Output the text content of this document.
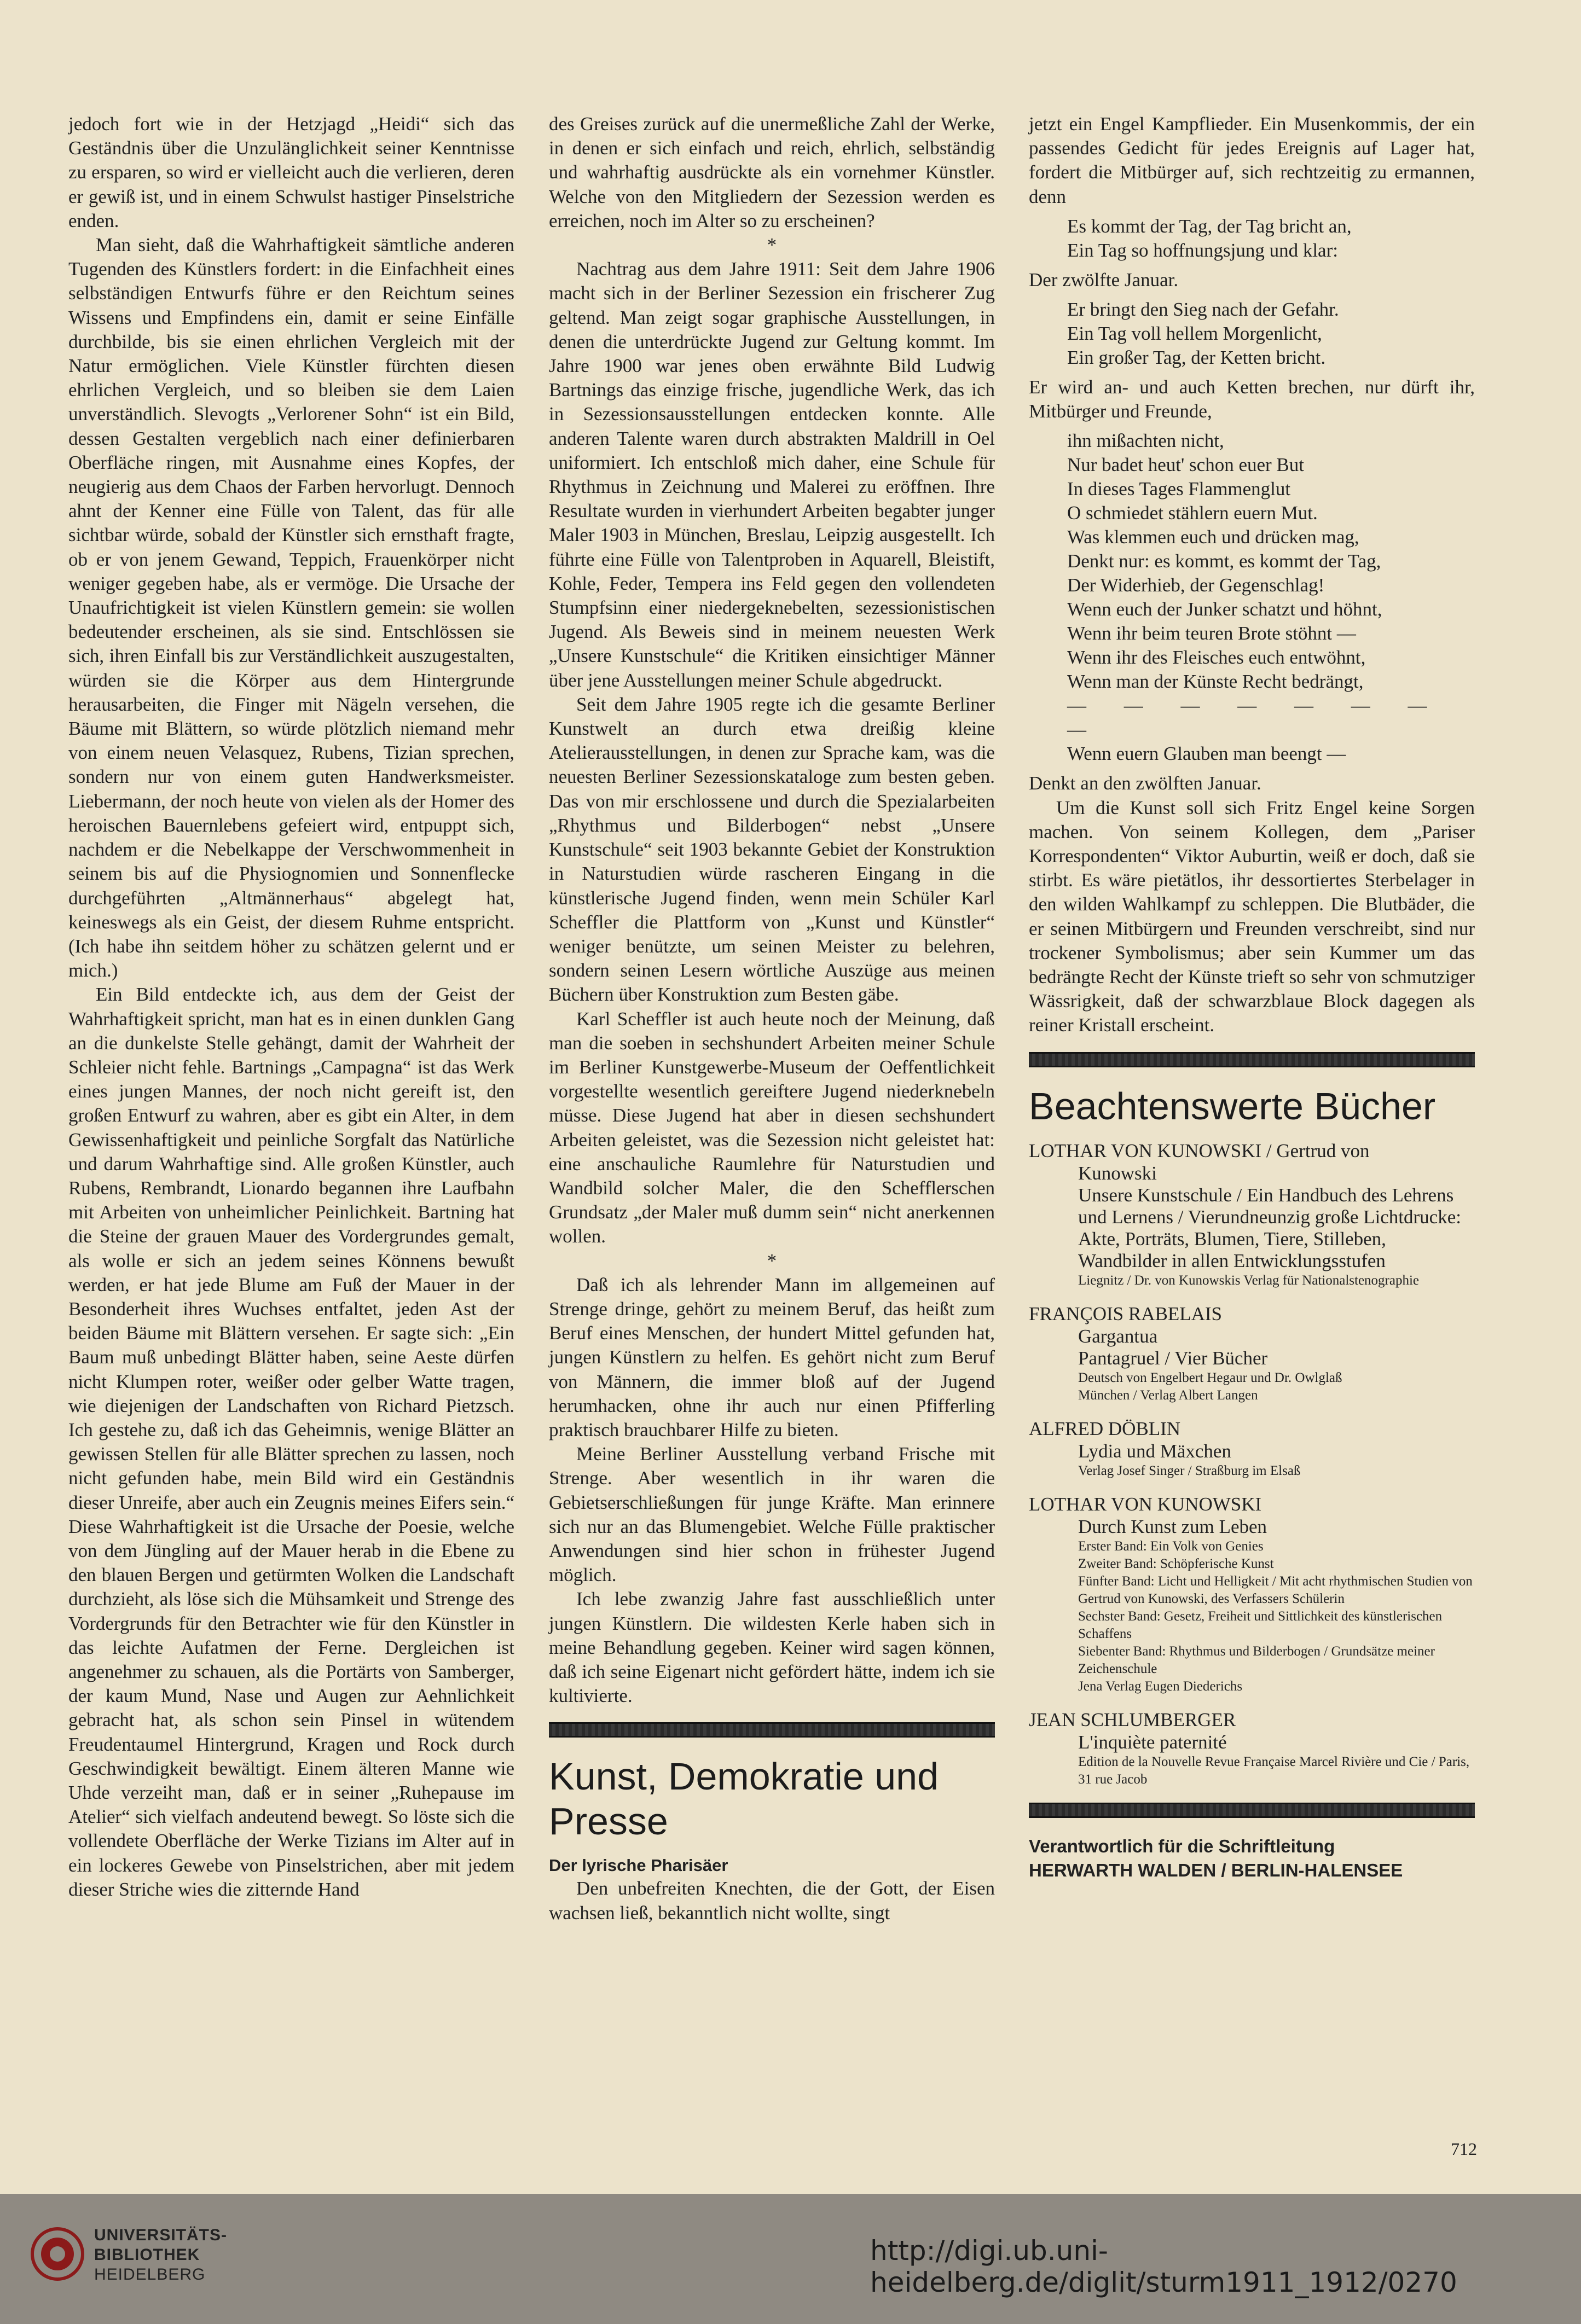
jedoch fort wie in der Hetzjagd „Heidi“ sich das Geständnis über die Unzulänglichkeit seiner Kenntnisse zu ersparen, so wird er vielleicht auch die verlieren, deren er gewiß ist, und in einem Schwulst hastiger Pinselstriche enden.

Man sieht, daß die Wahrhaftigkeit sämtliche anderen Tugenden des Künstlers fordert: in die Einfachheit eines selbständigen Entwurfs führe er den Reichtum seines Wissens und Empfindens ein, damit er seine Einfälle durchbilde, bis sie einen ehrlichen Vergleich mit der Natur ermöglichen. Viele Künstler fürchten diesen ehrlichen Vergleich, und so bleiben sie dem Laien unverständlich. Slevogts „Verlorener Sohn“ ist ein Bild, dessen Gestalten vergeblich nach einer definierbaren Oberfläche ringen, mit Ausnahme eines Kopfes, der neugierig aus dem Chaos der Farben hervorlugt. Dennoch ahnt der Kenner eine Fülle von Talent, das für alle sichtbar würde, sobald der Künstler sich ernsthaft fragte, ob er von jenem Gewand, Teppich, Frauenkörper nicht weniger gegeben habe, als er vermöge. Die Ursache der Unaufrichtigkeit ist vielen Künstlern gemein: sie wollen bedeutender erscheinen, als sie sind. Entschlössen sie sich, ihren Einfall bis zur Verständlichkeit auszugestalten, würden sie die Körper aus dem Hintergrunde herausarbeiten, die Finger mit Nägeln versehen, die Bäume mit Blättern, so würde plötzlich niemand mehr von einem neuen Velasquez, Rubens, Tizian sprechen, sondern nur von einem guten Handwerksmeister. Liebermann, der noch heute von vielen als der Homer des heroischen Bauernlebens gefeiert wird, entpuppt sich, nachdem er die Nebelkappe der Verschwommenheit in seinem bis auf die Physiognomien und Sonnenflecke durchgeführten „Altmännerhaus“ abgelegt hat, keineswegs als ein Geist, der diesem Ruhme entspricht. (Ich habe ihn seitdem höher zu schätzen gelernt und er mich.)

Ein Bild entdeckte ich, aus dem der Geist der Wahrhaftigkeit spricht, man hat es in einen dunklen Gang an die dunkelste Stelle gehängt, damit der Wahrheit der Schleier nicht fehle. Bartnings „Campagna“ ist das Werk eines jungen Mannes, der noch nicht gereift ist, den großen Entwurf zu wahren, aber es gibt ein Alter, in dem Gewissenhaftigkeit und peinliche Sorgfalt das Natürliche und darum Wahrhaftige sind. Alle großen Künstler, auch Rubens, Rembrandt, Lionardo begannen ihre Laufbahn mit Arbeiten von unheimlicher Peinlichkeit. Bartning hat die Steine der grauen Mauer des Vordergrundes gemalt, als wolle er sich an jedem seines Könnens bewußt werden, er hat jede Blume am Fuß der Mauer in der Besonderheit ihres Wuchses entfaltet, jeden Ast der beiden Bäume mit Blättern versehen. Er sagte sich: „Ein Baum muß unbedingt Blätter haben, seine Aeste dürfen nicht Klumpen roter, weißer oder gelber Watte tragen, wie diejenigen der Landschaften von Richard Pietzsch. Ich gestehe zu, daß ich das Geheimnis, wenige Blätter an gewissen Stellen für alle Blätter sprechen zu lassen, noch nicht gefunden habe, mein Bild wird ein Geständnis dieser Unreife, aber auch ein Zeugnis meines Eifers sein.“ Diese Wahrhaftigkeit ist die Ursache der Poesie, welche von dem Jüngling auf der Mauer herab in die Ebene zu den blauen Bergen und getürmten Wolken die Landschaft durchzieht, als löse sich die Mühsamkeit und Strenge des Vordergrunds für den Betrachter wie für den Künstler in das leichte Aufatmen der Ferne. Dergleichen ist angenehmer zu schauen, als die Portärts von Samberger, der kaum Mund, Nase und Augen zur Aehnlichkeit gebracht hat, als schon sein Pinsel in wütendem Freudentaumel Hintergrund, Kragen und Rock durch Geschwindigkeit bewältigt. Einem älteren Manne wie Uhde verzeiht man, daß er in seiner „Ruhepause im Atelier“ sich vielfach andeutend bewegt. So löste sich die vollendete Oberfläche der Werke Tizians im Alter auf in ein lockeres Gewebe von Pinselstrichen, aber mit jedem dieser Striche wies die zitternde Hand

des Greises zurück auf die unermeßliche Zahl der Werke, in denen er sich einfach und reich, ehrlich, selbständig und wahrhaftig ausdrückte als ein vornehmer Künstler. Welche von den Mitgliedern der Sezession werden es erreichen, noch im Alter so zu erscheinen?

*

Nachtrag aus dem Jahre 1911: Seit dem Jahre 1906 macht sich in der Berliner Sezession ein frischerer Zug geltend. Man zeigt sogar graphische Ausstellungen, in denen die unterdrückte Jugend zur Geltung kommt. Im Jahre 1900 war jenes oben erwähnte Bild Ludwig Bartnings das einzige frische, jugendliche Werk, das ich in Sezessionsausstellungen entdecken konnte. Alle anderen Talente waren durch abstrakten Maldrill in Oel uniformiert. Ich entschloß mich daher, eine Schule für Rhythmus in Zeichnung und Malerei zu eröffnen. Ihre Resultate wurden in vierhundert Arbeiten begabter junger Maler 1903 in München, Breslau, Leipzig ausgestellt. Ich führte eine Fülle von Talentproben in Aquarell, Bleistift, Kohle, Feder, Tempera ins Feld gegen den vollendeten Stumpfsinn einer niedergeknebelten, sezessionistischen Jugend. Als Beweis sind in meinem neuesten Werk „Unsere Kunstschule“ die Kritiken einsichtiger Männer über jene Ausstellungen meiner Schule abgedruckt.

Seit dem Jahre 1905 regte ich die gesamte Berliner Kunstwelt an durch etwa dreißig kleine Atelierausstellungen, in denen zur Sprache kam, was die neuesten Berliner Sezessionskataloge zum besten geben. Das von mir erschlossene und durch die Spezialarbeiten „Rhythmus und Bilderbogen“ nebst „Unsere Kunstschule“ seit 1903 bekannte Gebiet der Konstruktion in Naturstudien würde rascheren Eingang in die künstlerische Jugend finden, wenn mein Schüler Karl Scheffler die Plattform von „Kunst und Künstler“ weniger benützte, um seinen Meister zu belehren, sondern seinen Lesern wörtliche Auszüge aus meinen Büchern über Konstruktion zum Besten gäbe.

Karl Scheffler ist auch heute noch der Meinung, daß man die soeben in sechshundert Arbeiten meiner Schule im Berliner Kunstgewerbe-Museum der Oeffentlichkeit vorgestellte wesentlich gereiftere Jugend niederknebeln müsse. Diese Jugend hat aber in diesen sechshundert Arbeiten geleistet, was die Sezession nicht geleistet hat: eine anschauliche Raumlehre für Naturstudien und Wandbild solcher Maler, die den Schefflerschen Grundsatz „der Maler muß dumm sein“ nicht anerkennen wollen.

*

Daß ich als lehrender Mann im allgemeinen auf Strenge dringe, gehört zu meinem Beruf, das heißt zum Beruf eines Menschen, der hundert Mittel gefunden hat, jungen Künstlern zu helfen. Es gehört nicht zum Beruf von Männern, die immer bloß auf der Jugend herumhacken, ohne ihr auch nur einen Pfifferling praktisch brauchbarer Hilfe zu bieten.

Meine Berliner Ausstellung verband Frische mit Strenge. Aber wesentlich in ihr waren die Gebietserschließungen für junge Kräfte. Man erinnere sich nur an das Blumengebiet. Welche Fülle praktischer Anwendungen sind hier schon in frühester Jugend möglich.

Ich lebe zwanzig Jahre fast ausschließlich unter jungen Künstlern. Die wildesten Kerle haben sich in meine Behandlung gegeben. Keiner wird sagen können, daß ich seine Eigenart nicht gefördert hätte, indem ich sie kultivierte.

Kunst, Demokratie und Presse
Der lyrische Pharisäer

Den unbefreiten Knechten, die der Gott, der Eisen wachsen ließ, bekanntlich nicht wollte, singt

jetzt ein Engel Kampflieder. Ein Musenkommis, der ein passendes Gedicht für jedes Ereignis auf Lager hat, fordert die Mitbürger auf, sich rechtzeitig zu ermannen, denn

Es kommt der Tag, der Tag bricht an,
Ein Tag so hoffnungsjung und klar:

Der zwölfte Januar.

Er bringt den Sieg nach der Gefahr.
Ein Tag voll hellem Morgenlicht,
Ein großer Tag, der Ketten bricht.

Er wird an- und auch Ketten brechen, nur dürft ihr, Mitbürger und Freunde,

ihn mißachten nicht,
Nur badet heut' schon euer But
In dieses Tages Flammenglut
O schmiedet stählern euern Mut.
Was klemmen euch und drücken mag,
Denkt nur: es kommt, es kommt der Tag,
Der Widerhieb, der Gegenschlag!
Wenn euch der Junker schatzt und höhnt,
Wenn ihr beim teuren Brote stöhnt —
Wenn ihr des Fleisches euch entwöhnt,
Wenn man der Künste Recht bedrängt,
— — — — — — — —
Wenn euern Glauben man beengt —

Denkt an den zwölften Januar.

Um die Kunst soll sich Fritz Engel keine Sorgen machen. Von seinem Kollegen, dem „Pariser Korrespondenten“ Viktor Auburtin, weiß er doch, daß sie stirbt. Es wäre pietätlos, ihr dessortiertes Sterbelager in den wilden Wahlkampf zu schleppen. Die Blutbäder, die er seinen Mitbürgern und Freunden verschreibt, sind nur trockener Symbolismus; aber sein Kummer um das bedrängte Recht der Künste trieft so sehr von schmutziger Wässrigkeit, daß der schwarzblaue Block dagegen als reiner Kristall erscheint.

Beachtenswerte Bücher
LOTHAR VON KUNOWSKI / Gertrud von
Kunowski
Unsere Kunstschule / Ein Handbuch des Lehrens und Lernens / Vierundneunzig große Lichtdrucke: Akte, Porträts, Blumen, Tiere, Stilleben, Wandbilder in allen Entwicklungsstufen
Liegnitz / Dr. von Kunowskis Verlag für Nationalstenographie
FRANÇOIS RABELAIS
Gargantua
Pantagruel / Vier Bücher
Deutsch von Engelbert Hegaur und Dr. Owlglaß
München / Verlag Albert Langen
ALFRED DÖBLIN
Lydia und Mäxchen
Verlag Josef Singer / Straßburg im Elsaß
LOTHAR VON KUNOWSKI
Durch Kunst zum Leben
Erster Band: Ein Volk von Genies
Zweiter Band: Schöpferische Kunst
Fünfter Band: Licht und Helligkeit / Mit acht rhythmischen Studien von Gertrud von Kunowski, des Verfassers Schülerin
Sechster Band: Gesetz, Freiheit und Sittlichkeit des künstlerischen Schaffens
Siebenter Band: Rhythmus und Bilderbogen / Grundsätze meiner Zeichenschule
Jena Verlag Eugen Diederichs
JEAN SCHLUMBERGER
L'inquiète paternité
Edition de la Nouvelle Revue Française Marcel Rivière und Cie / Paris, 31 rue Jacob
Verantwortlich für die Schriftleitung
HERWARTH WALDEN / BERLIN-HALENSEE
712
UNIVERSITÄTS-
BIBLIOTHEK
HEIDELBERG
http://digi.ub.uni-heidelberg.de/diglit/sturm1911_1912/0270
